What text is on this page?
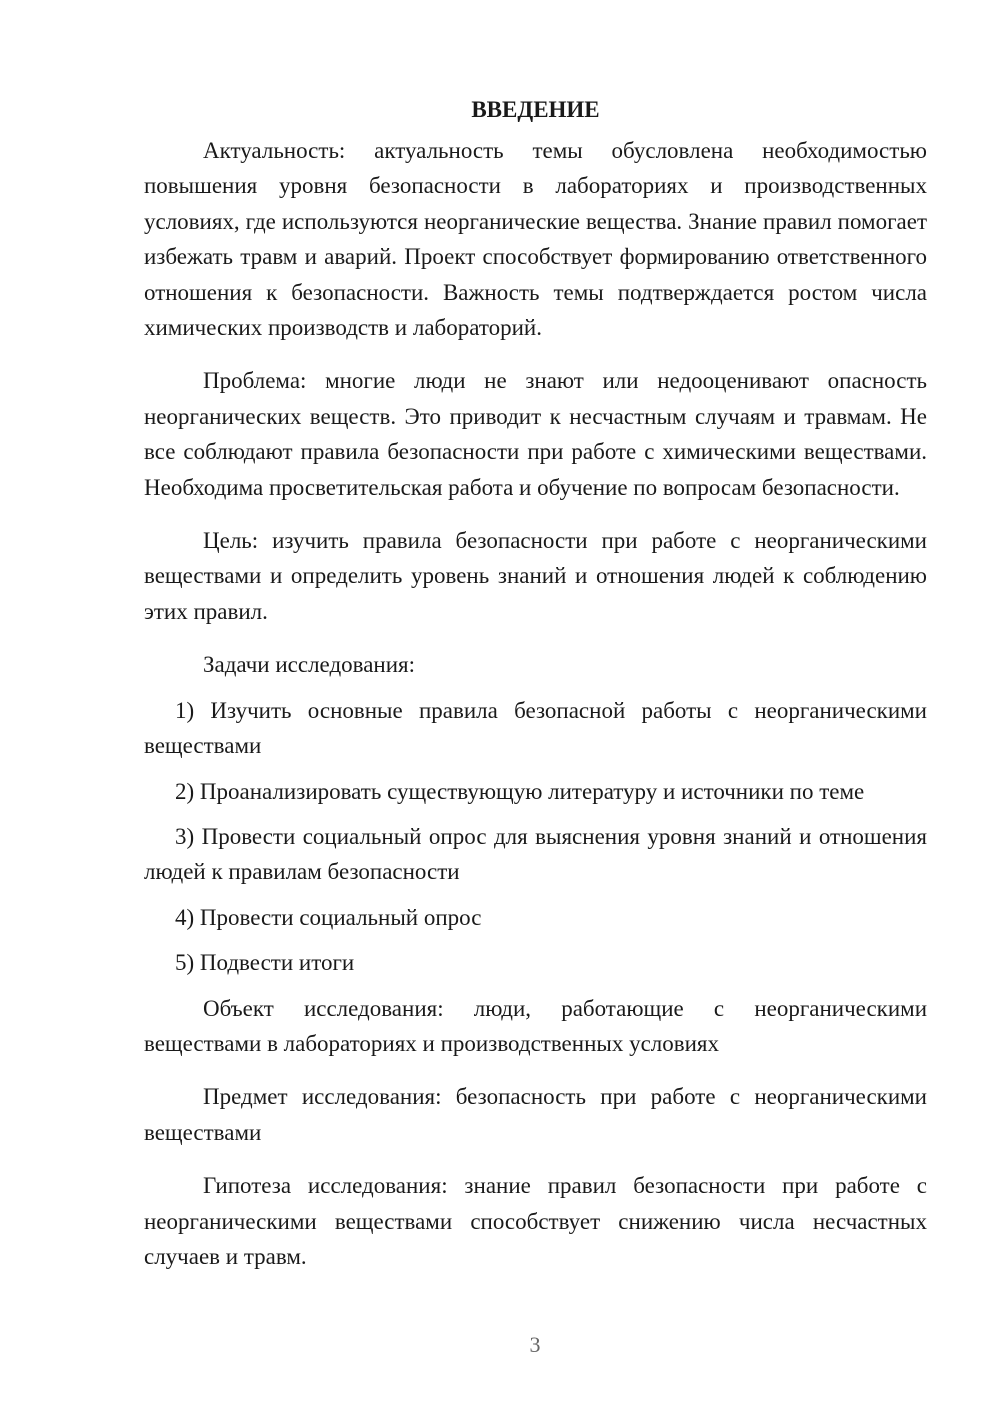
ВВЕДЕНИЕ

Актуальность: актуальность темы обусловлена необходимостью повышения уровня безопасности в лабораториях и производственных условиях, где используются неорганические вещества. Знание правил помогает избежать травм и аварий. Проект способствует формированию ответственного отношения к безопасности. Важность темы подтверждается ростом числа химических производств и лабораторий.

Проблема: многие люди не знают или недооценивают опасность неорганических веществ. Это приводит к несчастным случаям и травмам. Не все соблюдают правила безопасности при работе с химическими веществами. Необходима просветительская работа и обучение по вопросам безопасности.

Цель: изучить правила безопасности при работе с неорганическими веществами и определить уровень знаний и отношения людей к соблюдению этих правил.

Задачи исследования:

1) Изучить основные правила безопасной работы с неорганическими веществами

2) Проанализировать существующую литературу и источники по теме

3) Провести социальный опрос для выяснения уровня знаний и отношения людей к правилам безопасности

4) Провести социальный опрос

5) Подвести итоги

Объект исследования: люди, работающие с неорганическими веществами в лабораториях и производственных условиях

Предмет исследования: безопасность при работе с неорганическими веществами

Гипотеза исследования: знание правил безопасности при работе с неорганическими веществами способствует снижению числа несчастных случаев и травм.

3
